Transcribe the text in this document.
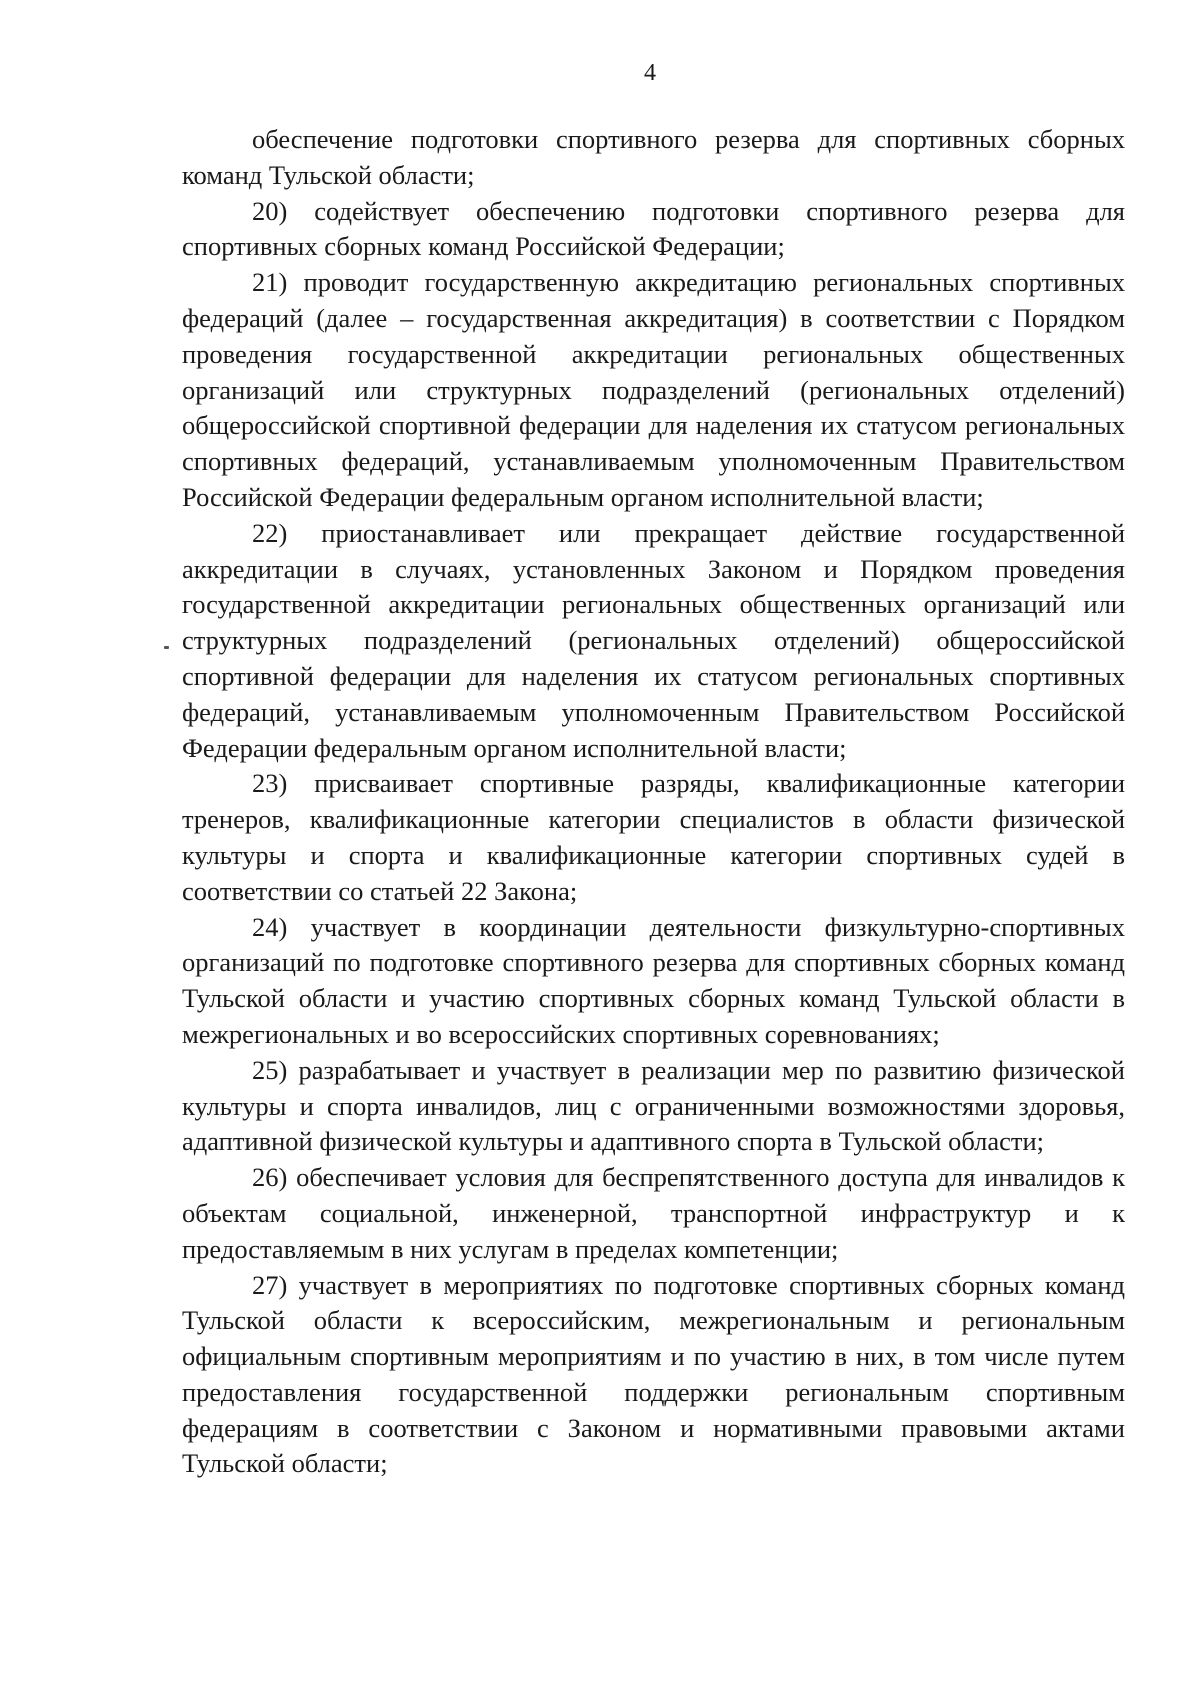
4

обеспечение подготовки спортивного резерва для спортивных сборных команд Тульской области;

20) содействует обеспечению подготовки спортивного резерва для спортивных сборных команд Российской Федерации;

21) проводит государственную аккредитацию региональных спортивных федераций (далее – государственная аккредитация) в соответствии с Порядком проведения государственной аккредитации региональных общественных организаций или структурных подразделений (региональных отделений) общероссийской спортивной федерации для наделения их статусом региональных спортивных федераций, устанавливаемым уполномоченным Правительством Российской Федерации федеральным органом исполнительной власти;

22) приостанавливает или прекращает действие государственной аккредитации в случаях, установленных Законом и Порядком проведения государственной аккредитации региональных общественных организаций или структурных подразделений (региональных отделений) общероссийской спортивной федерации для наделения их статусом региональных спортивных федераций, устанавливаемым уполномоченным Правительством Российской Федерации федеральным органом исполнительной власти;

23) присваивает спортивные разряды, квалификационные категории тренеров, квалификационные категории специалистов в области физической культуры и спорта и квалификационные категории спортивных судей в соответствии со статьей 22 Закона;

24) участвует в координации деятельности физкультурно-спортивных организаций по подготовке спортивного резерва для спортивных сборных команд Тульской области и участию спортивных сборных команд Тульской области в межрегиональных и во всероссийских спортивных соревнованиях;

25) разрабатывает и участвует в реализации мер по развитию физической культуры и спорта инвалидов, лиц с ограниченными возможностями здоровья, адаптивной физической культуры и адаптивного спорта в Тульской области;

26) обеспечивает условия для беспрепятственного доступа для инвалидов к объектам социальной, инженерной, транспортной инфраструктур и к предоставляемым в них услугам в пределах компетенции;

27) участвует в мероприятиях по подготовке спортивных сборных команд Тульской области к всероссийским, межрегиональным и региональным официальным спортивным мероприятиям и по участию в них, в том числе путем предоставления государственной поддержки региональным спортивным федерациям в соответствии с Законом и нормативными правовыми актами Тульской области;
